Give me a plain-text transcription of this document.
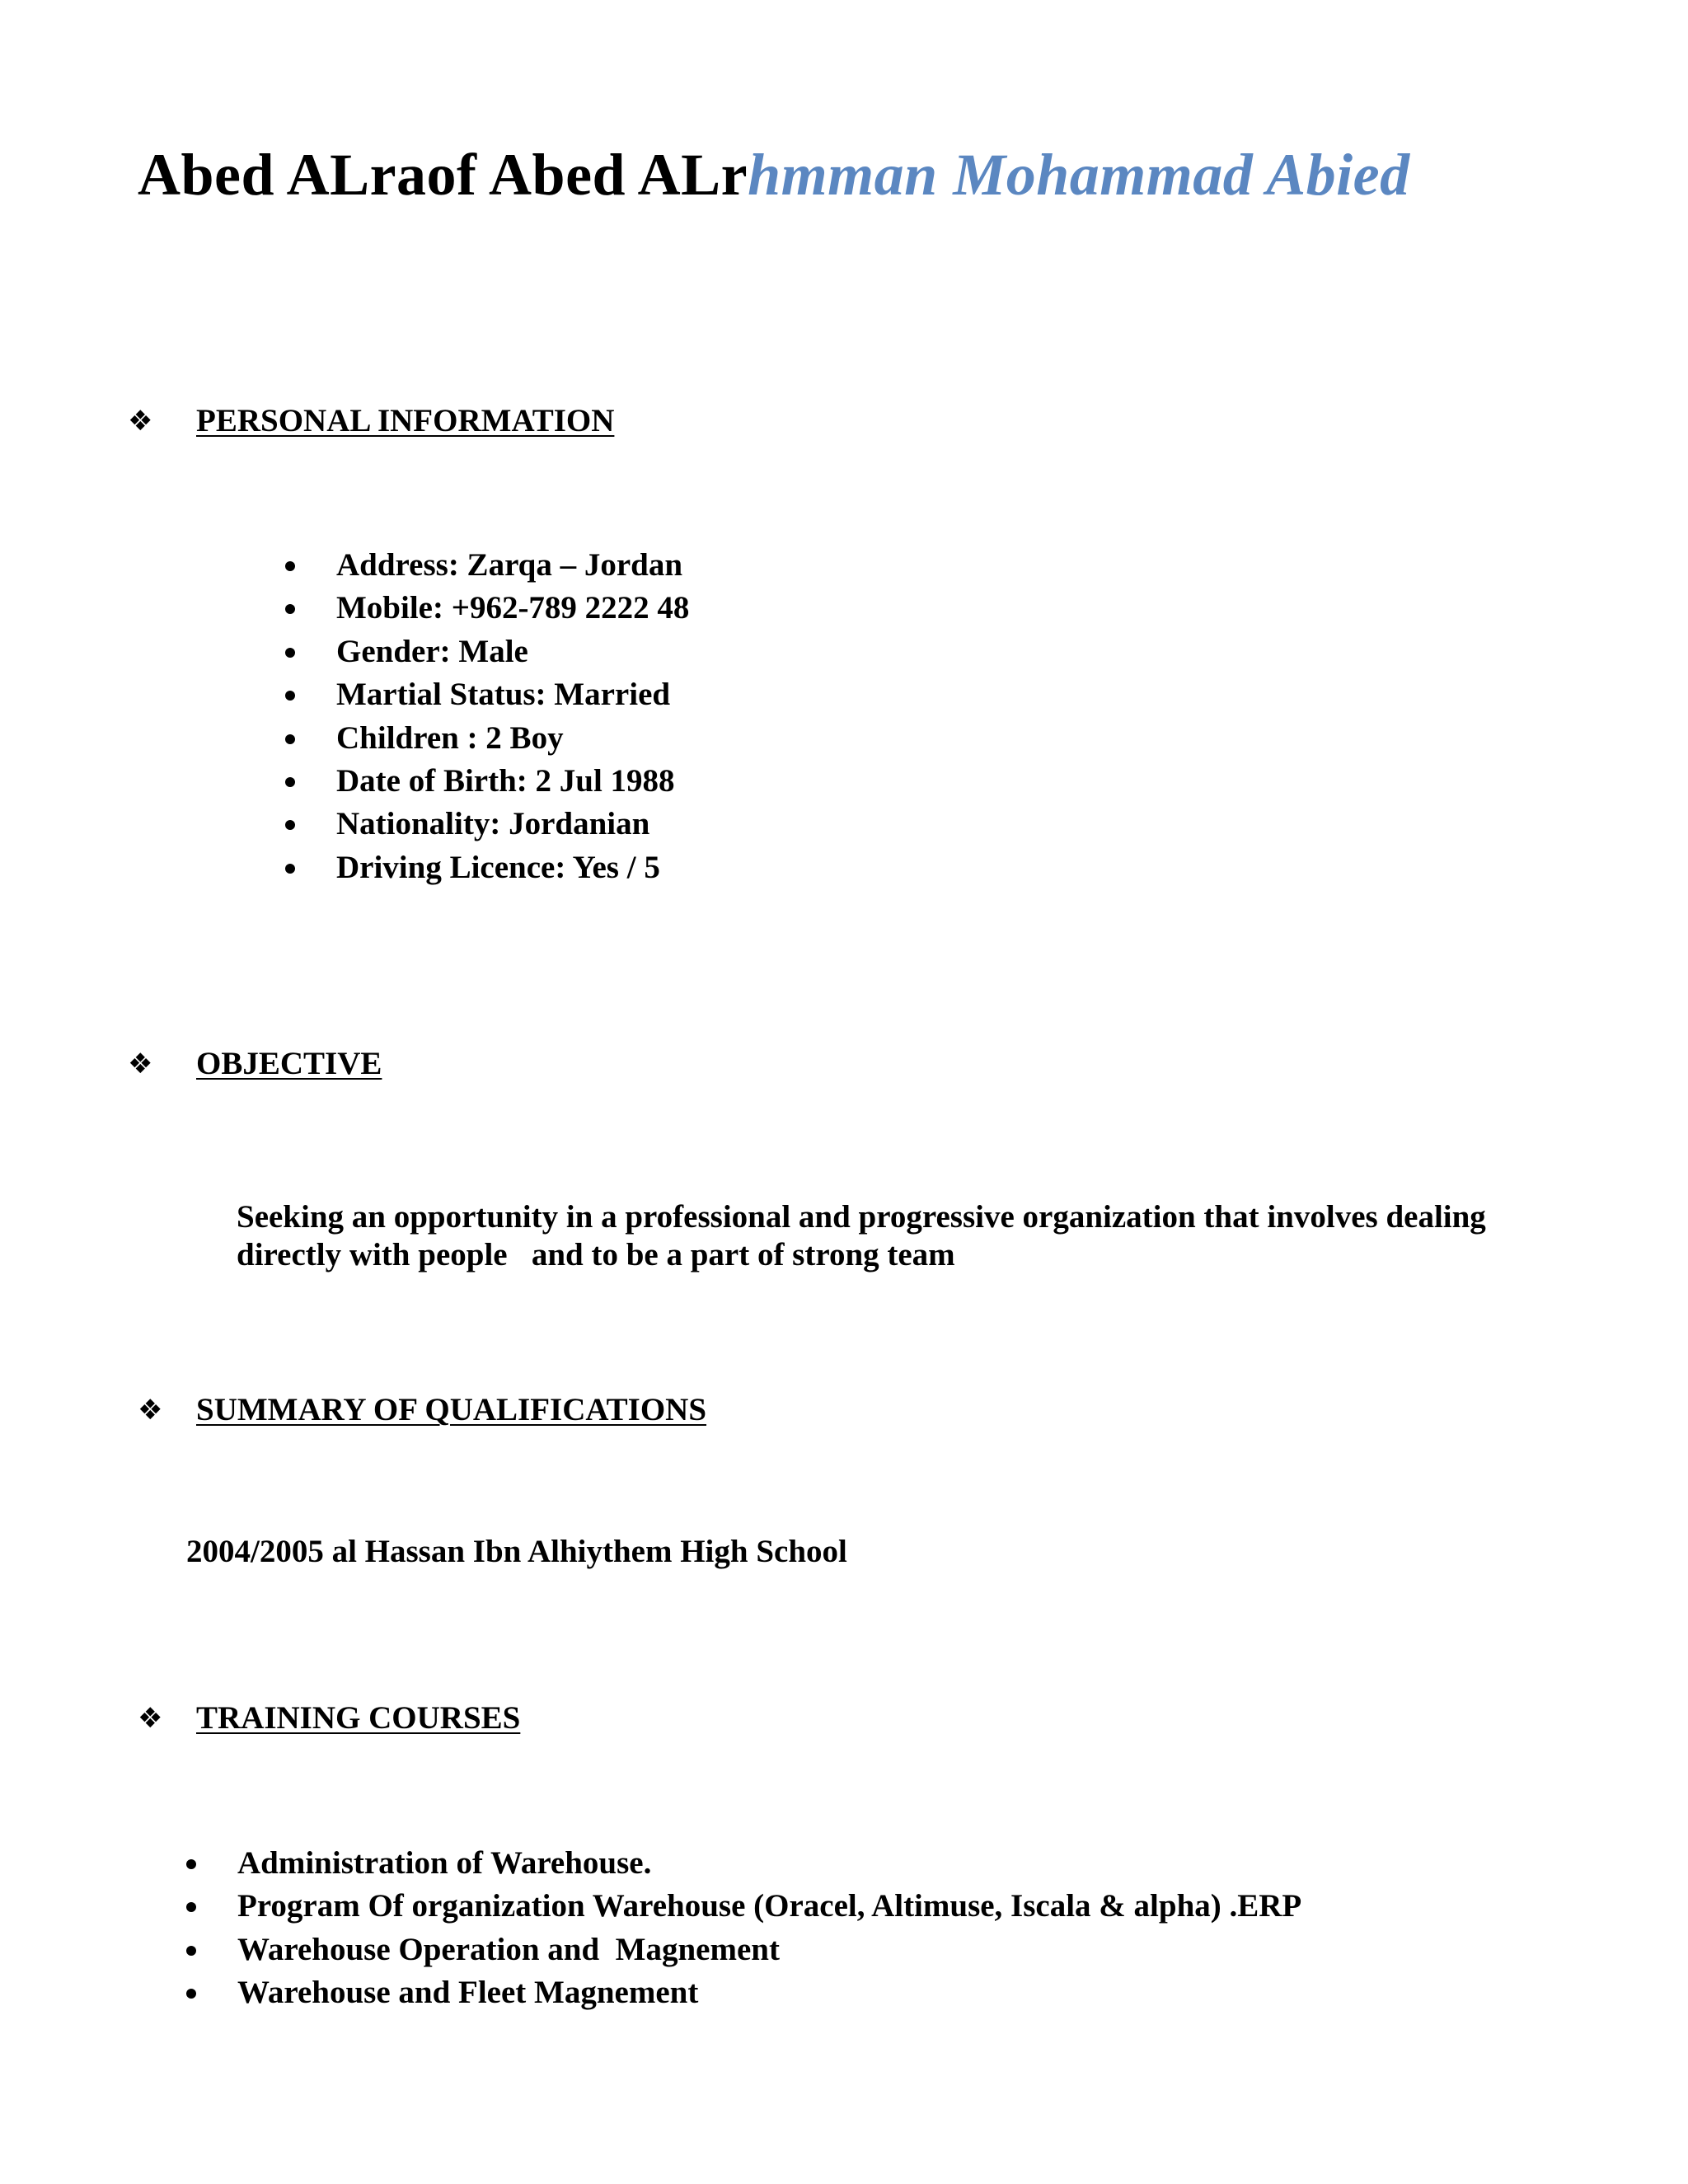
Abed ALraof Abed ALrhmman Mohammad Abied
❖ PERSONAL INFORMATION
Address: Zarqa – Jordan
Mobile: +962-789 2222 48
Gender: Male
Martial Status: Married
Children : 2 Boy
Date of Birth: 2 Jul 1988
Nationality: Jordanian
Driving Licence: Yes / 5
❖ OBJECTIVE
Seeking an opportunity in a professional and progressive organization that involves dealing
directly with people   and to be a part of strong team
❖ SUMMARY OF QUALIFICATIONS
2004/2005 al Hassan Ibn Alhiythem High School
❖ TRAINING COURSES
Administration of Warehouse.
Program Of organization Warehouse (Oracel, Altimuse, Iscala & alpha) .ERP
Warehouse Operation and  Magnement
Warehouse and Fleet Magnement
